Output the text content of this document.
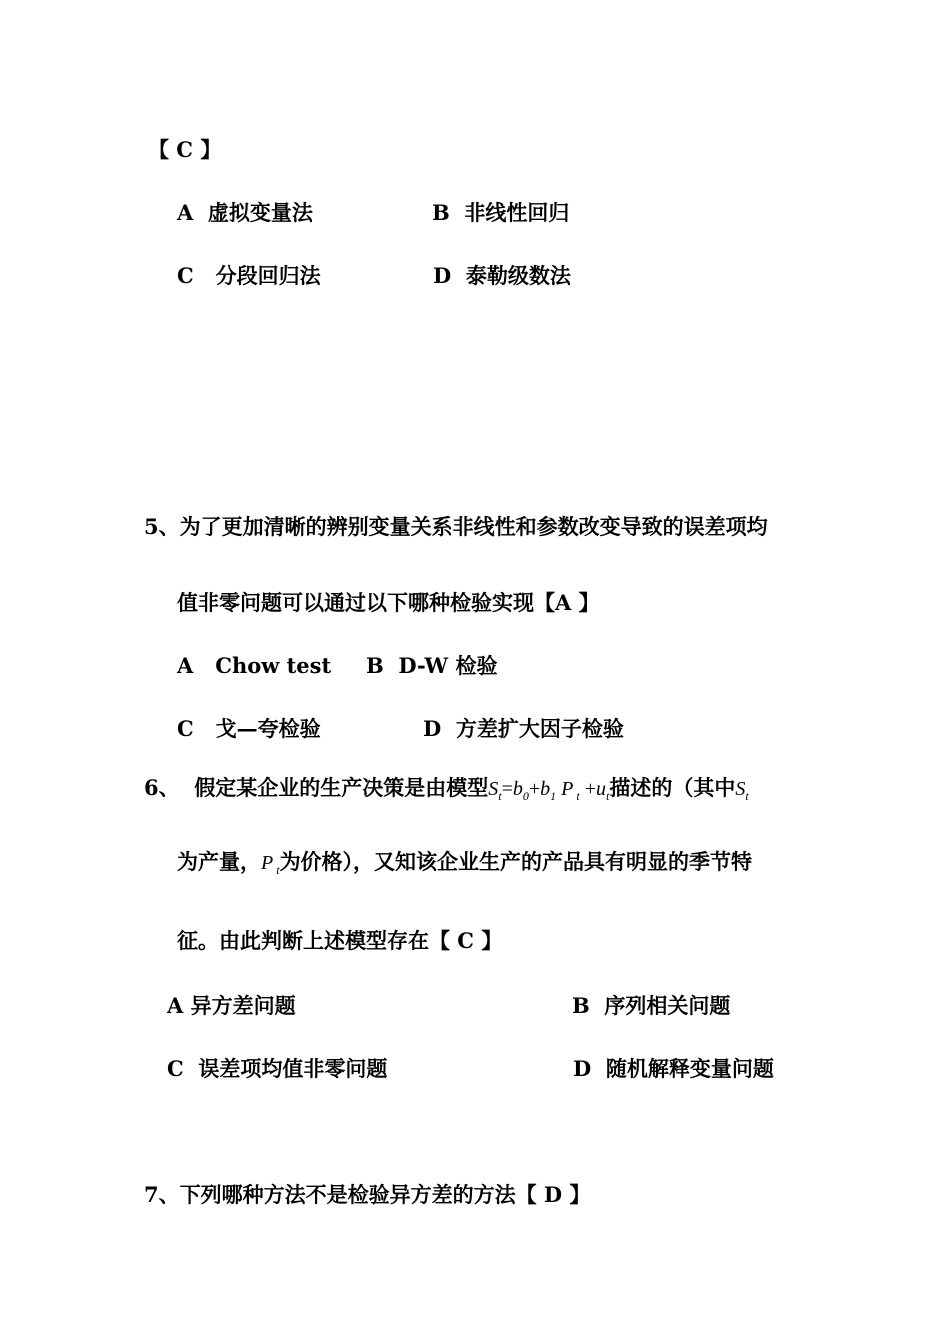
【 C 】
A 虚拟变量法	B 非线性回归
C 分段回归法	D 泰勒级数法
5、为了更加清晰的辨别变量关系非线性和参数改变导致的误差项均
值非零问题可以通过以下哪种检验实现【A 】
A Chow test B D-W 检验
C 戈—夸检验	D 方差扩大因子检验
6、 假定某企业的生产决策是由模型$S_t=b_0+b_1$ P $_t +u_t$描述的（其中$S_t$
为产量，P $_t$为价格），又知该企业生产的产品具有明显的季节特
征。由此判断上述模型存在【 C 】
A 异方差问题	B 序列相关问题
C 误差项均值非零问题	D 随机解释变量问题
7、下列哪种方法不是检验异方差的方法【 D 】
